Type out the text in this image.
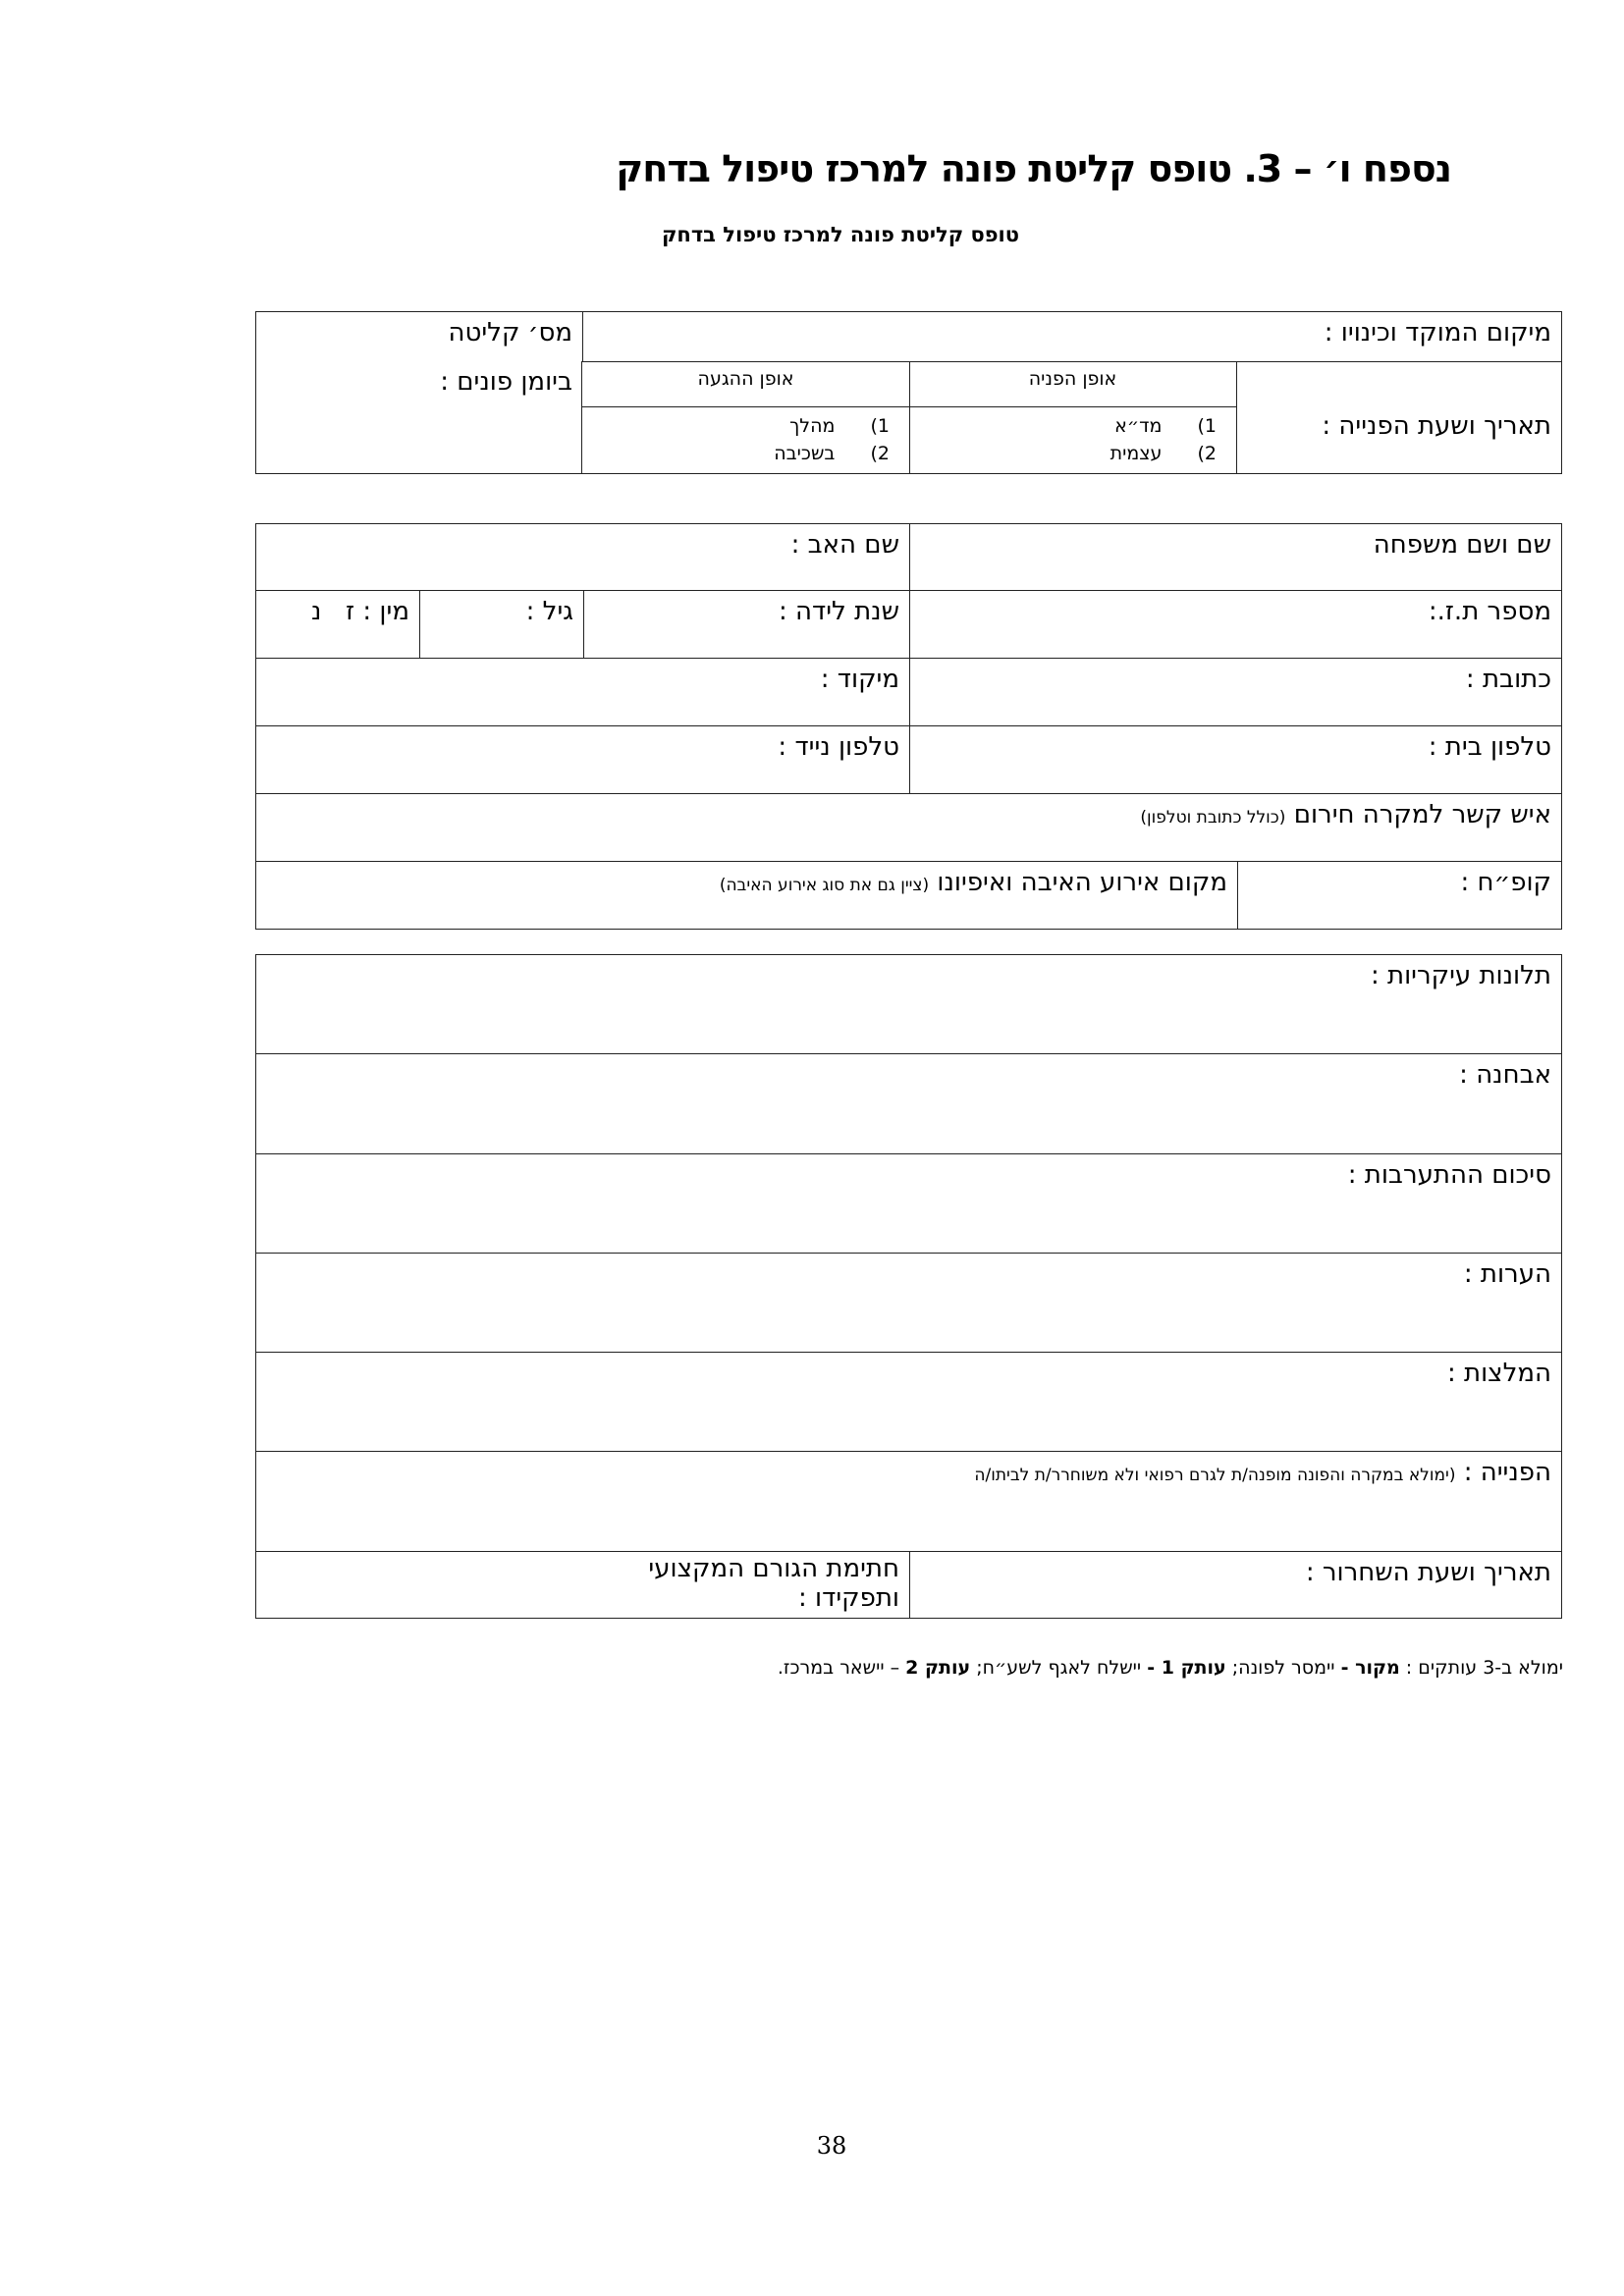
נספח ו׳ – 3. טופס קליטת פונה למרכז טיפול בדחק
טופס קליטת פונה למרכז טיפול בדחק
מיקום המוקד וכינויו :
מס׳ קליטה
ביומן פונים :
תאריך ושעת הפנייה :
אופן הפניה
1)  מד״א
2)  עצמית
אופן ההגעה
1)  מהלך
2)  בשכיבה
שם ושם משפחה
שם האב :
מספר ת.ז.:
שנת לידה :
גיל :
מין : ז   נ
כתובת :
מיקוד :
טלפון בית :
טלפון נייד :
איש קשר למקרה חירום (כולל כתובת וטלפון)
קופ״ח :
מקום אירוע האיבה ואיפיונו (ציין גם את סוג אירוע האיבה)
תלונות עיקריות :
אבחנה :
סיכום ההתערבות :
הערות :
המלצות :
הפנייה : (ימולא במקרה והפונה מופנה/ת לגרם רפואי ולא משוחרר/ת לביתו/ה
תאריך ושעת השחרור :
חתימת הגורם המקצועי
ותפקידו :
ימולא ב-3 עותקים : מקור - יימסר לפונה; עותק 1 - יישלח לאגף לשע״ח; עותק 2 – יישאר במרכז.
38
